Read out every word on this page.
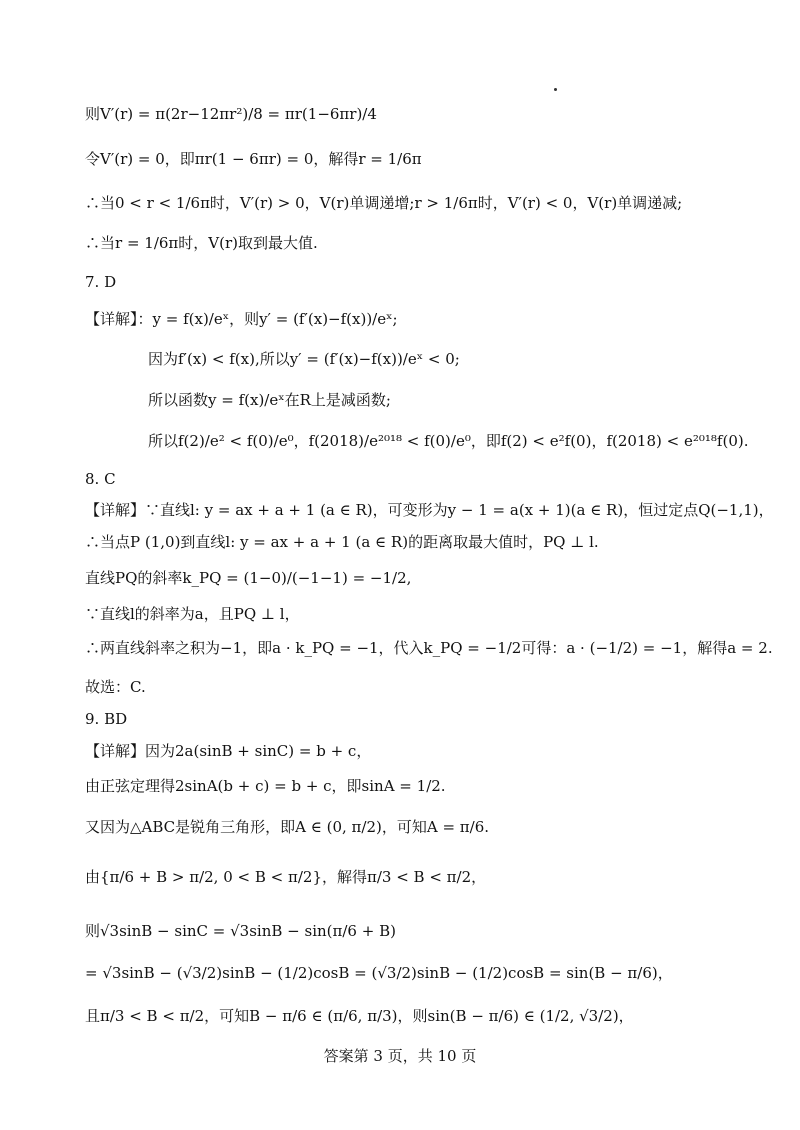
则V′(r) = π(2r−12πr²)/8 = πr(1−6πr)/4
令V′(r) = 0，即πr(1 − 6πr) = 0，解得r = 1/6π
∴当0 < r < 1/6π时，V′(r) > 0，V(r)单调递增;r > 1/6π时，V′(r) < 0，V(r)单调递减;
∴当r = 1/6π时，V(r)取到最大值.
7. D
【详解】：y = f(x)/eˣ，则y′ = (f′(x)−f(x))/eˣ;
因为f′(x) < f(x),所以y′ = (f′(x)−f(x))/eˣ < 0;
所以函数y = f(x)/eˣ在R上是减函数;
所以f(2)/e² < f(0)/e⁰，f(2018)/e²⁰¹⁸ < f(0)/e⁰，即f(2) < e²f(0)，f(2018) < e²⁰¹⁸f(0).
8. C
【详解】∵直线l: y = ax + a + 1 (a ∈ R)，可变形为y − 1 = a(x + 1)(a ∈ R)，恒过定点Q(−1,1)，
∴当点P (1,0)到直线l: y = ax + a + 1 (a ∈ R)的距离取最大值时，PQ ⊥ l.
直线PQ的斜率k_PQ = (1−0)/(−1−1) = −1/2,
∵直线l的斜率为a，且PQ ⊥ l，
∴两直线斜率之积为−1，即a · k_PQ = −1，代入k_PQ = −1/2可得：a · (−1/2) = −1，解得a = 2.
故选：C.
9. BD
【详解】因为2a(sinB + sinC) = b + c，
由正弦定理得2sinA(b + c) = b + c，即sinA = 1/2.
又因为△ABC是锐角三角形，即A ∈ (0, π/2)，可知A = π/6.
由{π/6 + B > π/2, 0 < B < π/2}，解得π/3 < B < π/2，
则√3sinB − sinC = √3sinB − sin(π/6 + B)
= √3sinB − (√3/2)sinB − (1/2)cosB = (√3/2)sinB − (1/2)cosB = sin(B − π/6)，
且π/3 < B < π/2，可知B − π/6 ∈ (π/6, π/3)，则sin(B − π/6) ∈ (1/2, √3/2)，
答案第 3 页，共 10 页
